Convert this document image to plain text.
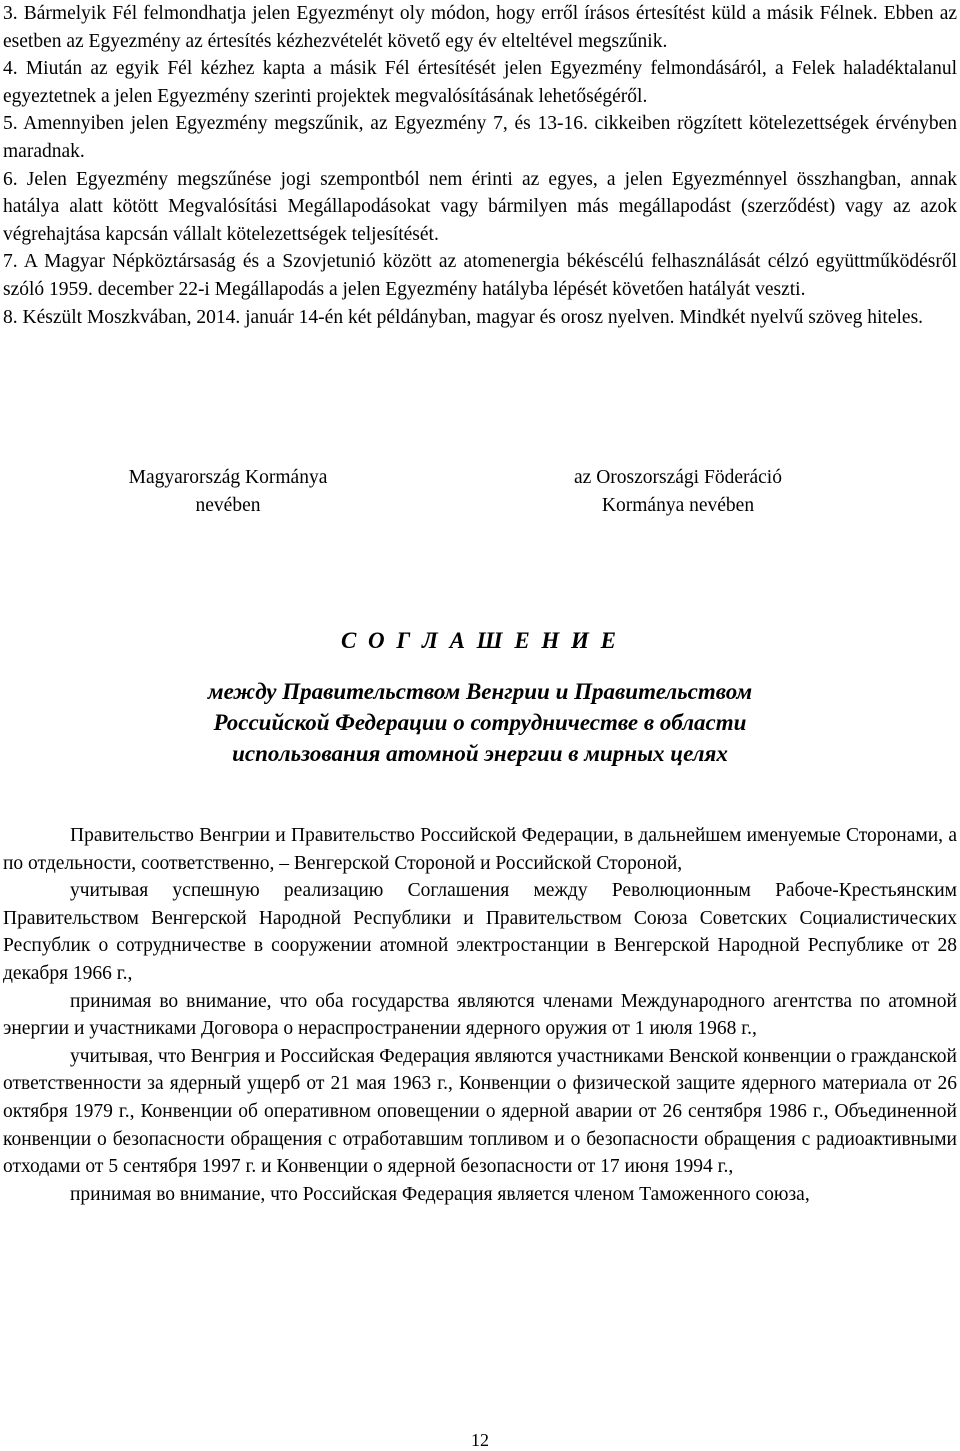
3. Bármelyik Fél felmondhatja jelen Egyezményt oly módon, hogy erről írásos értesítést küld a másik Félnek. Ebben az esetben az Egyezmény az értesítés kézhezvételét követő egy év elteltével megszűnik.

4. Miután az egyik Fél kézhez kapta a másik Fél értesítését jelen Egyezmény felmondásáról, a Felek haladéktalanul egyeztetnek a jelen Egyezmény szerinti projektek megvalósításának lehetőségéről.

5. Amennyiben jelen Egyezmény megszűnik, az Egyezmény 7, és 13-16. cikkeiben rögzített kötelezettségek érvényben maradnak.

6. Jelen Egyezmény megszűnése jogi szempontból nem érinti az egyes, a jelen Egyezménnyel összhangban, annak hatálya alatt kötött Megvalósítási Megállapodásokat vagy bármilyen más megállapodást (szerződést) vagy az azok végrehajtása kapcsán vállalt kötelezettségek teljesítését.

7. A Magyar Népköztársaság és a Szovjetunió között az atomenergia békéscélú felhasználását célzó együttműködésről szóló 1959. december 22-i Megállapodás a jelen Egyezmény hatályba lépését követően hatályát veszti.

8. Készült Moszkvában, 2014. január 14-én két példányban, magyar és orosz nyelven. Mindkét nyelvű szöveg hiteles.

Magyarország Kormánya
nevében
az Oroszországi Föderáció
Kormánya nevében
С О Г Л А Ш Е Н И Е
между Правительством Венгрии и Правительством
Российской Федерации о сотрудничестве в области
использования атомной энергии в мирных целях

Правительство Венгрии и Правительство Российской Федерации, в дальнейшем именуемые Сторонами, а по отдельности, соответственно, – Венгерской Стороной и Российской Стороной,

учитывая успешную реализацию Соглашения между Революционным Рабоче-Крестьянским Правительством Венгерской Народной Республики и Правительством Союза Советских Социалистических Республик о сотрудничестве в сооружении атомной электростанции в Венгерской Народной Республике от 28 декабря 1966 г.,

принимая во внимание, что оба государства являются членами Международного агентства по атомной энергии и участниками Договора о нераспространении ядерного оружия от 1 июля 1968 г.,

учитывая, что Венгрия и Российская Федерация являются участниками Венской конвенции о гражданской ответственности за ядерный ущерб от 21 мая 1963 г., Конвенции о физической защите ядерного материала от 26 октября 1979 г., Конвенции об оперативном оповещении о ядерной аварии от 26 сентября 1986 г., Объединенной конвенции о безопасности обращения с отработавшим топливом и о безопасности обращения с радиоактивными отходами от 5 сентября 1997 г. и Конвенции о ядерной безопасности от 17 июня 1994 г.,

принимая во внимание, что Российская Федерация является членом Таможенного союза,

12
